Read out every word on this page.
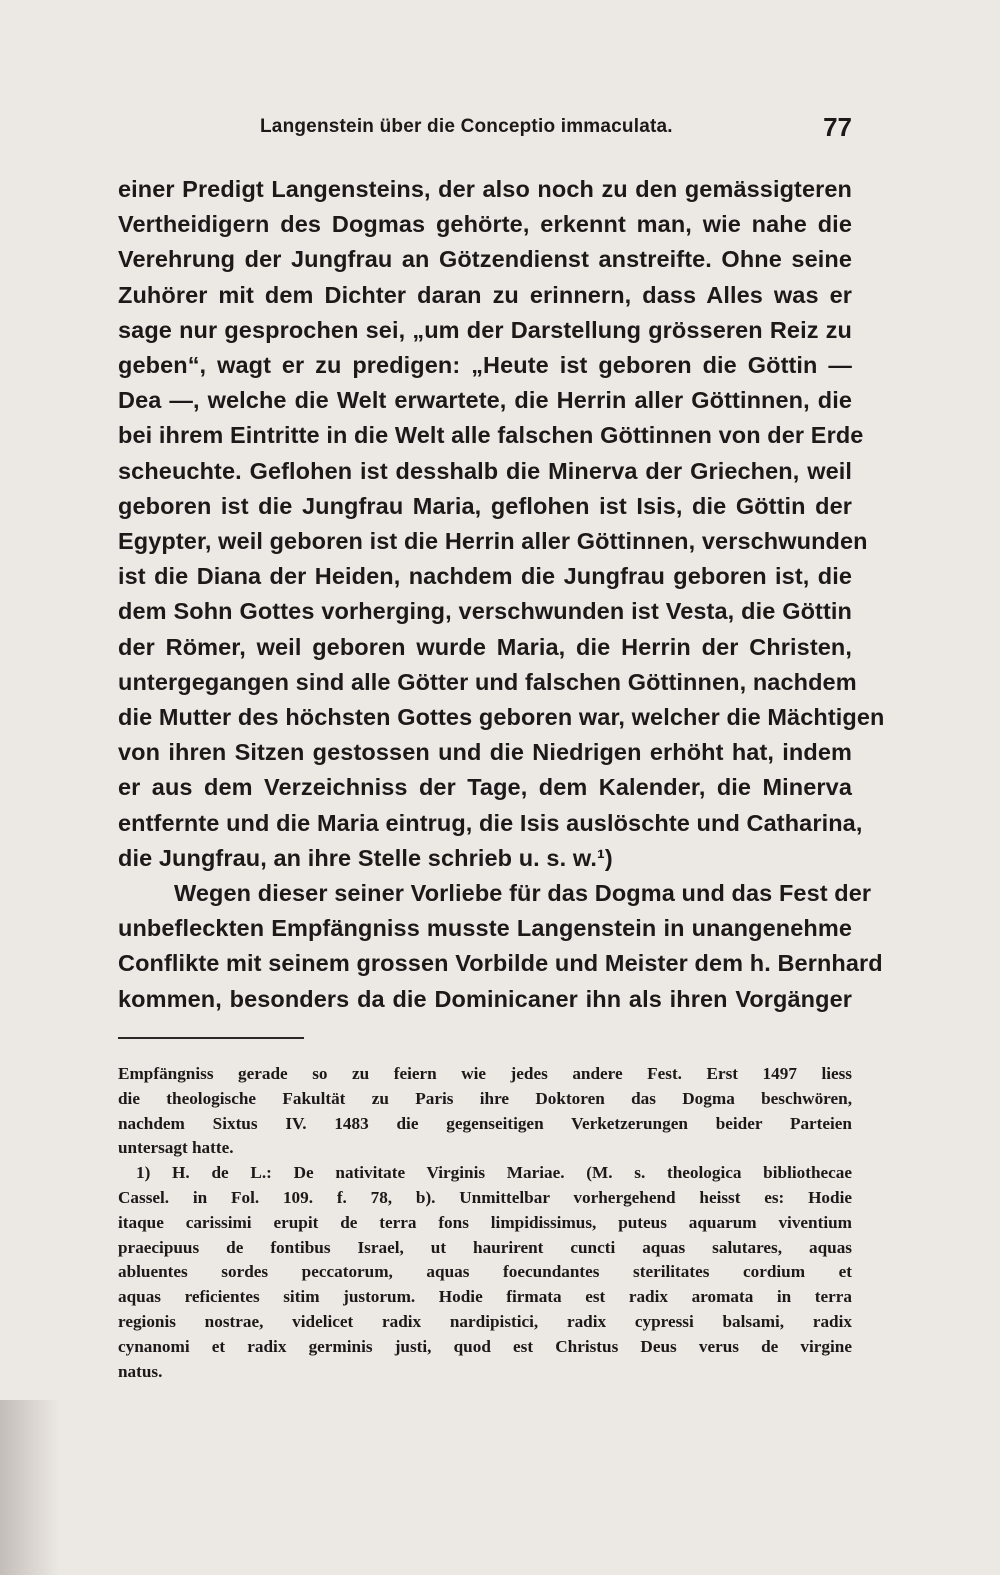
Langenstein über die Conceptio immaculata.	77
einer Predigt Langensteins, der also noch zu den gemässigteren
Vertheidigern des Dogmas gehörte, erkennt man, wie nahe die
Verehrung der Jungfrau an Götzendienst anstreifte. Ohne seine
Zuhörer mit dem Dichter daran zu erinnern, dass Alles was er
sage nur gesprochen sei, „um der Darstellung grösseren Reiz zu
geben“, wagt er zu predigen: „Heute ist geboren die Göttin —
Dea —, welche die Welt erwartete, die Herrin aller Göttinnen, die
bei ihrem Eintritte in die Welt alle falschen Göttinnen von der Erde
scheuchte. Geflohen ist desshalb die Minerva der Griechen, weil
geboren ist die Jungfrau Maria, geflohen ist Isis, die Göttin der
Egypter, weil geboren ist die Herrin aller Göttinnen, verschwunden
ist die Diana der Heiden, nachdem die Jungfrau geboren ist, die
dem Sohn Gottes vorherging, verschwunden ist Vesta, die Göttin
der Römer, weil geboren wurde Maria, die Herrin der Christen,
untergegangen sind alle Götter und falschen Göttinnen, nachdem
die Mutter des höchsten Gottes geboren war, welcher die Mächtigen
von ihren Sitzen gestossen und die Niedrigen erhöht hat, indem
er aus dem Verzeichniss der Tage, dem Kalender, die Minerva
entfernte und die Maria eintrug, die Isis auslöschte und Catharina,
die Jungfrau, an ihre Stelle schrieb u. s. w.¹)
Wegen dieser seiner Vorliebe für das Dogma und das Fest der
unbefleckten Empfängniss musste Langenstein in unangenehme
Conflikte mit seinem grossen Vorbilde und Meister dem h. Bernhard
kommen, besonders da die Dominicaner ihn als ihren Vorgänger
Empfängniss gerade so zu feiern wie jedes andere Fest. Erst 1497 liess
die theologische Fakultät zu Paris ihre Doktoren das Dogma beschwören,
nachdem Sixtus IV. 1483 die gegenseitigen Verketzerungen beider Parteien
untersagt hatte.
1) H. de L.: De nativitate Virginis Mariae. (M. s. theologica bibliothecae
Cassel. in Fol. 109. f. 78, b). Unmittelbar vorhergehend heisst es: Hodie
itaque carissimi erupit de terra fons limpidissimus, puteus aquarum viventium
praecipuus de fontibus Israel, ut haurirent cuncti aquas salutares, aquas
abluentes sordes peccatorum, aquas foecundantes sterilitates cordium et
aquas reficientes sitim justorum. Hodie firmata est radix aromata in terra
regionis nostrae, videlicet radix nardipistici, radix cypressi balsami, radix
cynanomi et radix germinis justi, quod est Christus Deus verus de virgine
natus.
